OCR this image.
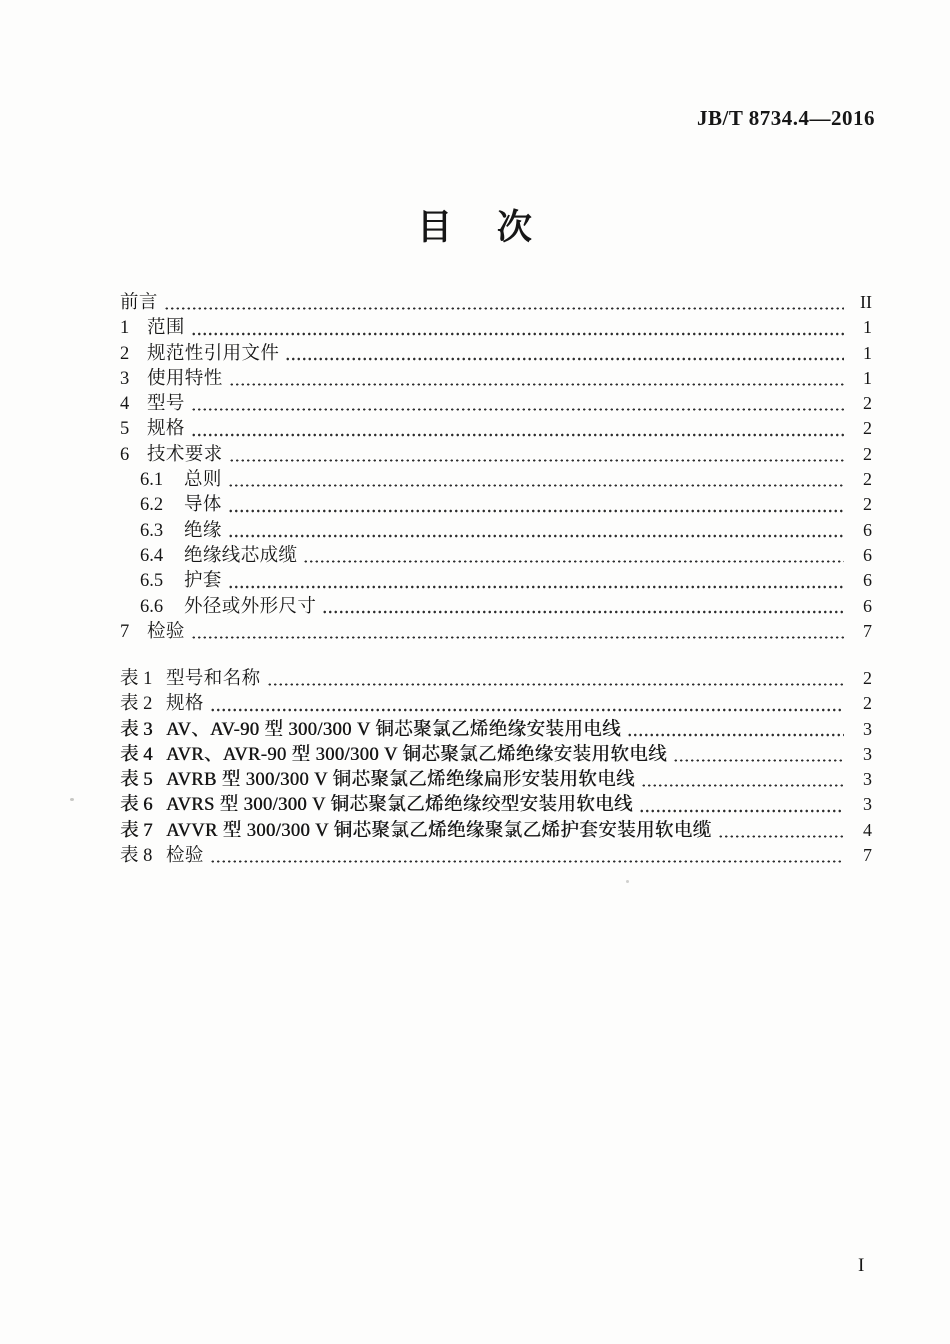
JB/T 8734.4—2016
目 次
前言	II
1 范围	1
2 规范性引用文件	1
3 使用特性	1
4 型号	2
5 规格	2
6 技术要求	2
6.1	总则	2
6.2	导体	2
6.3	绝缘	6
6.4	绝缘线芯成缆	6
6.5	护套	6
6.6	外径或外形尺寸	6
7 检验	7
表 1 型号和名称	2
表 2 规格	2
表 3 AV、AV-90 型 300/300 V 铜芯聚氯乙烯绝缘安装用电线	3
表 4 AVR、AVR-90 型 300/300 V 铜芯聚氯乙烯绝缘安装用软电线	3
表 5 AVRB 型 300/300 V 铜芯聚氯乙烯绝缘扁形安装用软电线	3
表 6 AVRS 型 300/300 V 铜芯聚氯乙烯绝缘绞型安装用软电线	3
表 7 AVVR 型 300/300 V 铜芯聚氯乙烯绝缘聚氯乙烯护套安装用软电缆	4
表 8 检验	7
I
